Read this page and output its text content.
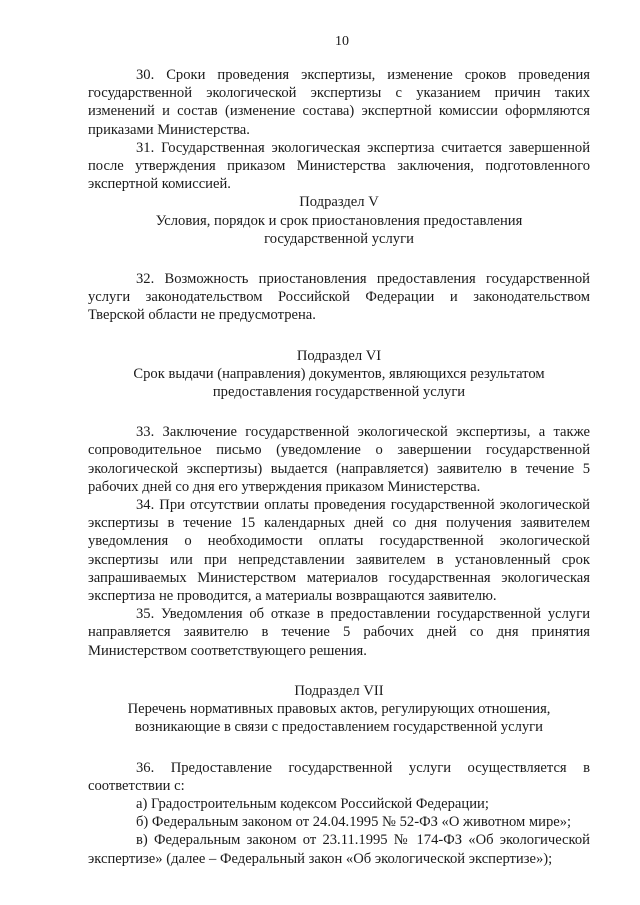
10

30. Сроки проведения экспертизы, изменение сроков проведения государственной экологической экспертизы с указанием причин таких изменений и состав (изменение состава) экспертной комиссии оформляются приказами Министерства.

31. Государственная экологическая экспертиза считается завершенной после утверждения приказом Министерства заключения, подготовленного экспертной комиссией.

Подраздел V

Условия, порядок и срок приостановления предоставления государственной услуги

32. Возможность приостановления предоставления государственной услуги законодательством Российской Федерации и законодательством Тверской области не предусмотрена.

Подраздел VI

Срок выдачи (направления) документов, являющихся результатом предоставления государственной услуги

33. Заключение государственной экологической экспертизы, а также сопроводительное письмо (уведомление о завершении государственной экологической экспертизы) выдается (направляется) заявителю в течение 5 рабочих дней со дня его утверждения приказом Министерства.

34. При отсутствии оплаты проведения государственной экологической экспертизы в течение 15 календарных дней со дня получения заявителем уведомления о необходимости оплаты государственной экологической экспертизы или при непредставлении заявителем в установленный срок запрашиваемых Министерством материалов государственная экологическая экспертиза не проводится, а материалы возвращаются заявителю.

35. Уведомления об отказе в предоставлении государственной услуги направляется заявителю в течение 5 рабочих дней со дня принятия Министерством соответствующего решения.

Подраздел VII

Перечень нормативных правовых актов, регулирующих отношения, возникающие в связи с предоставлением государственной услуги

36. Предоставление государственной услуги осуществляется в соответствии с:

а) Градостроительным кодексом Российской Федерации;

б) Федеральным законом от 24.04.1995 № 52-ФЗ «О животном мире»;

в) Федеральным законом от 23.11.1995 № 174-ФЗ «Об экологической экспертизе» (далее – Федеральный закон «Об экологической экспертизе»);
